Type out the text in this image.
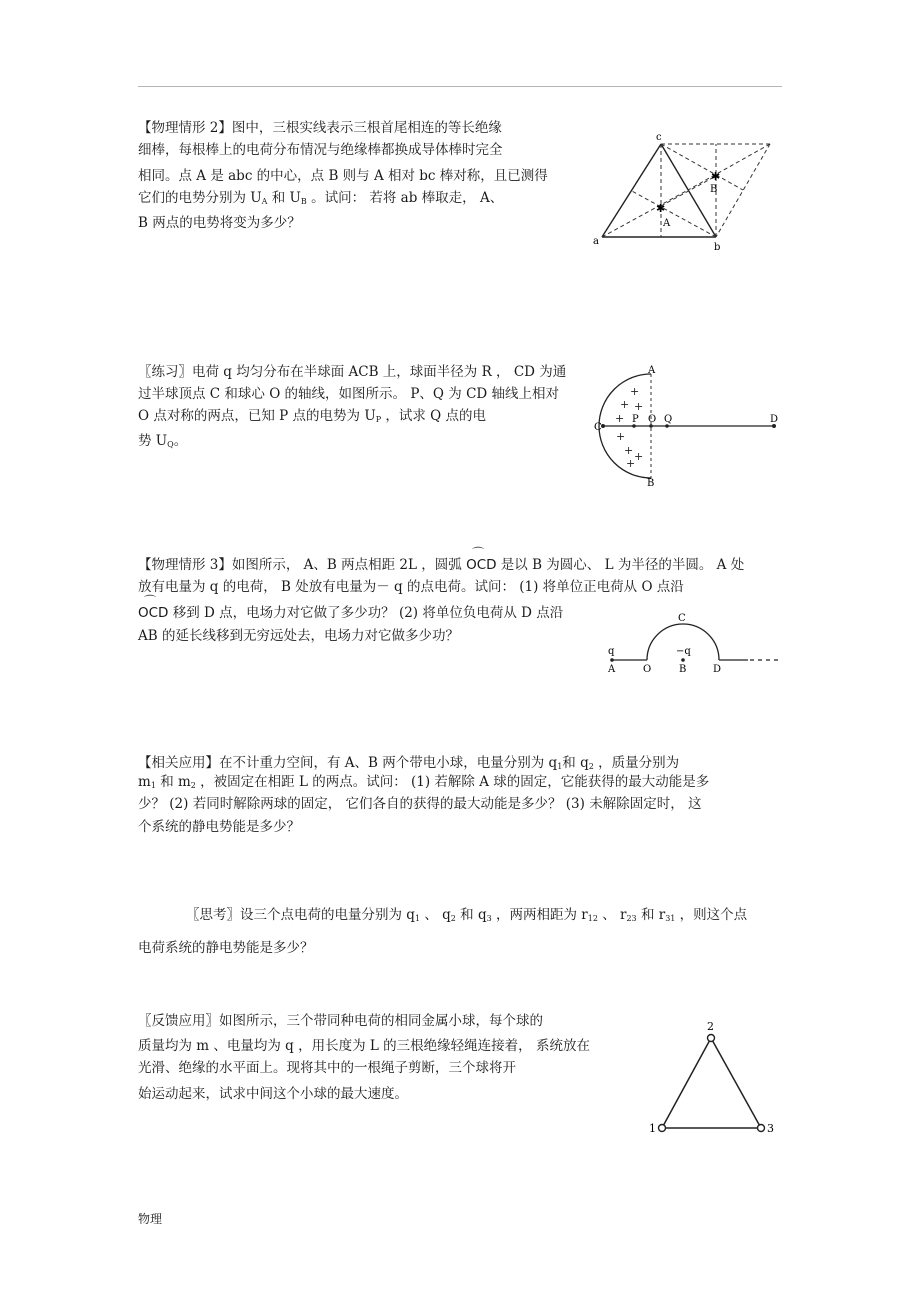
【物理情形 2】图中，三根实线表示三根首尾相连的等长绝缘
细棒，每根棒上的电荷分布情况与绝缘棒都换成导体棒时完全
相同。点 A 是 abc 的中心，点 B 则与 A 相对 bc 棒对称，且已测得
它们的电势分别为 $U_A$ 和 $U_B$ 。试问： 若将 ab 棒取走， A、
B 两点的电势将变为多少？
c
A
B
a
b
✱
✱
〖练习〗电荷 q 均匀分布在半球面 ACB 上，球面半径为 R ， CD 为通
过半球顶点 C 和球心 O 的轴线，如图所示。 P、Q 为 CD 轴线上相对
O 点对称的两点，已知 P 点的电势为 $U_P$ ，试求 Q 点的电
势 $U_Q$。
+
+ +
+
+
+ +
+
A
C
P O Q	D
B
【物理情形 3】如图所示， A、B 两点相距 2L ，圆弧 ⌒ OCD 是以 B 为圆心、 L 为半径的半圆。 A 处
放有电量为 q 的电荷， B 处放有电量为－ q 的点电荷。试问： (1) 将单位正电荷从 O 点沿
⌒ OCD 移到 D 点，电场力对它做了多少功？ (2) 将单位负电荷从 D 点沿
AB 的延长线移到无穷远处去，电场力对它做多少功？
C
q	−q
A	O	B	D
【相关应用】在不计重力空间，有 A、B 两个带电小球，电量分别为 $q_1$和 $q_2$ ，质量分别为
$m_1$ 和 $m_2$ ，被固定在相距 L 的两点。试问： (1) 若解除 A 球的固定，它能获得的最大动能是多
少？ (2) 若同时解除两球的固定， 它们各自的获得的最大动能是多少？ (3) 未解除固定时， 这
个系统的静电势能是多少？
〖思考〗设三个点电荷的电量分别为 $q_1$ 、 $q_2$ 和 $q_3$ ，两两相距为 $r_{12}$ 、 $r_{23}$ 和 $r_{31}$ ，则这个点
电荷系统的静电势能是多少？
〖反馈应用〗如图所示，三个带同种电荷的相同金属小球，每个球的
质量均为 m 、电量均为 q ，用长度为 L 的三根绝缘轻绳连接着， 系统放在
光滑、绝缘的水平面上。现将其中的一根绳子剪断，三个球将开
始运动起来，试求中间这个小球的最大速度。
2
1	3
物理
